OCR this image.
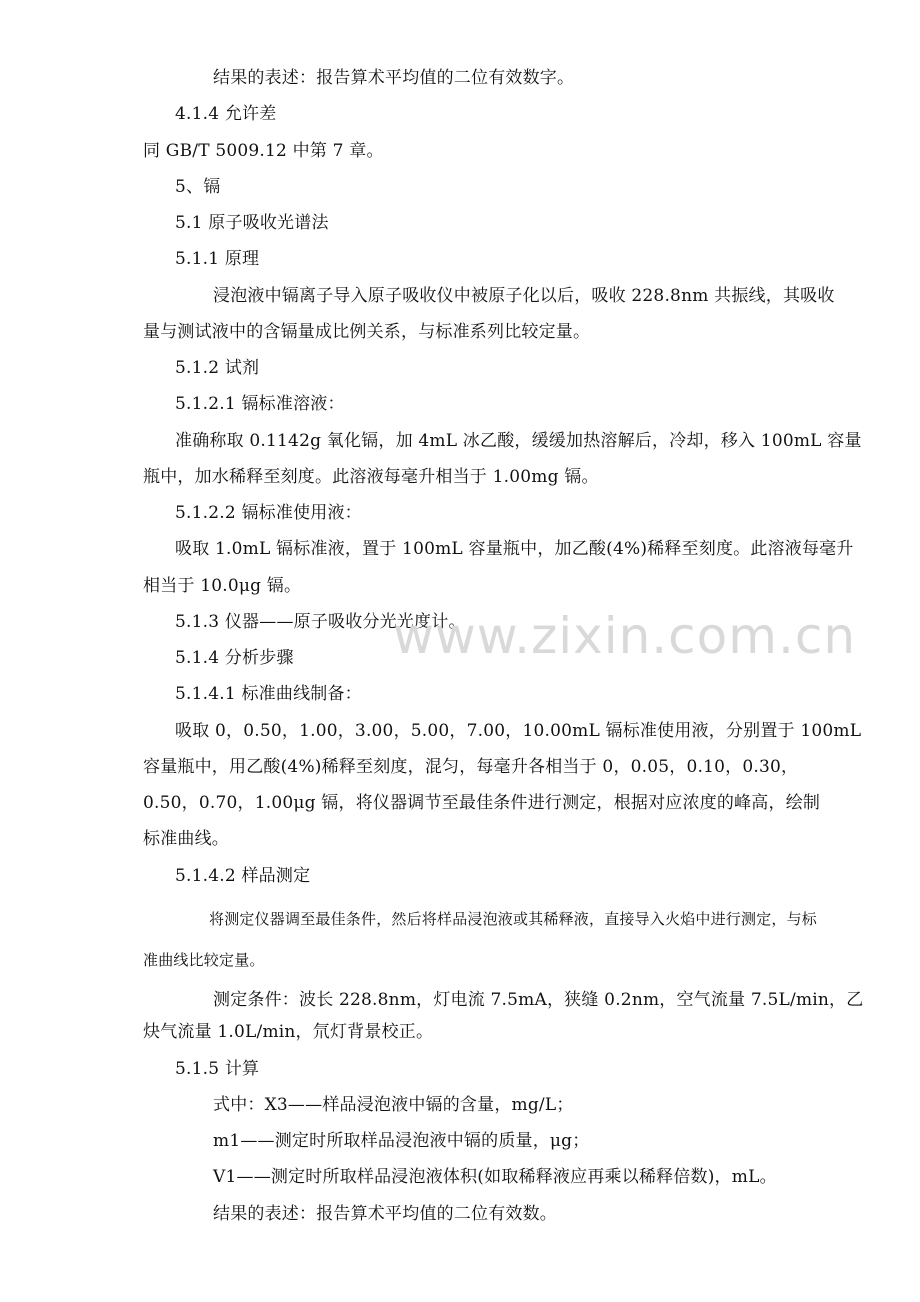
结果的表述：报告算术平均值的二位有效数字。
4.1.4 允许差
同 GB/T 5009.12 中第 7 章。
5、镉
5.1 原子吸收光谱法
5.1.1 原理
浸泡液中镉离子导入原子吸收仪中被原子化以后，吸收 228.8nm 共振线，其吸收
量与测试液中的含镉量成比例关系，与标准系列比较定量。
5.1.2 试剂
5.1.2.1 镉标准溶液：
准确称取 0.1142g 氧化镉，加 4mL 冰乙酸，缓缓加热溶解后，冷却，移入 100mL 容量
瓶中，加水稀释至刻度。此溶液每毫升相当于 1.00mg 镉。
5.1.2.2 镉标准使用液：
吸取 1.0mL 镉标准液，置于 100mL 容量瓶中，加乙酸(4%)稀释至刻度。此溶液每毫升
相当于 10.0μg 镉。
5.1.3 仪器——原子吸收分光光度计。
5.1.4 分析步骤
5.1.4.1 标准曲线制备：
吸取 0，0.50，1.00，3.00，5.00，7.00，10.00mL 镉标准使用液，分别置于 100mL
容量瓶中，用乙酸(4%)稀释至刻度，混匀，每毫升各相当于 0，0.05，0.10，0.30，
0.50，0.70，1.00μg 镉，将仪器调节至最佳条件进行测定，根据对应浓度的峰高，绘制
标准曲线。
5.1.4.2 样品测定
将测定仪器调至最佳条件，然后将样品浸泡液或其稀释液，直接导入火焰中进行测定，与标
准曲线比较定量。
测定条件：波长 228.8nm，灯电流 7.5mA，狭缝 0.2nm，空气流量 7.5L/min，乙
炔气流量 1.0L/min，氘灯背景校正。
5.1.5 计算
式中：X3——样品浸泡液中镉的含量，mg/L；
m1——测定时所取样品浸泡液中镉的质量，μg；
V1——测定时所取样品浸泡液体积(如取稀释液应再乘以稀释倍数)，mL。
结果的表述：报告算术平均值的二位有效数。
www.zixin.com.cn
